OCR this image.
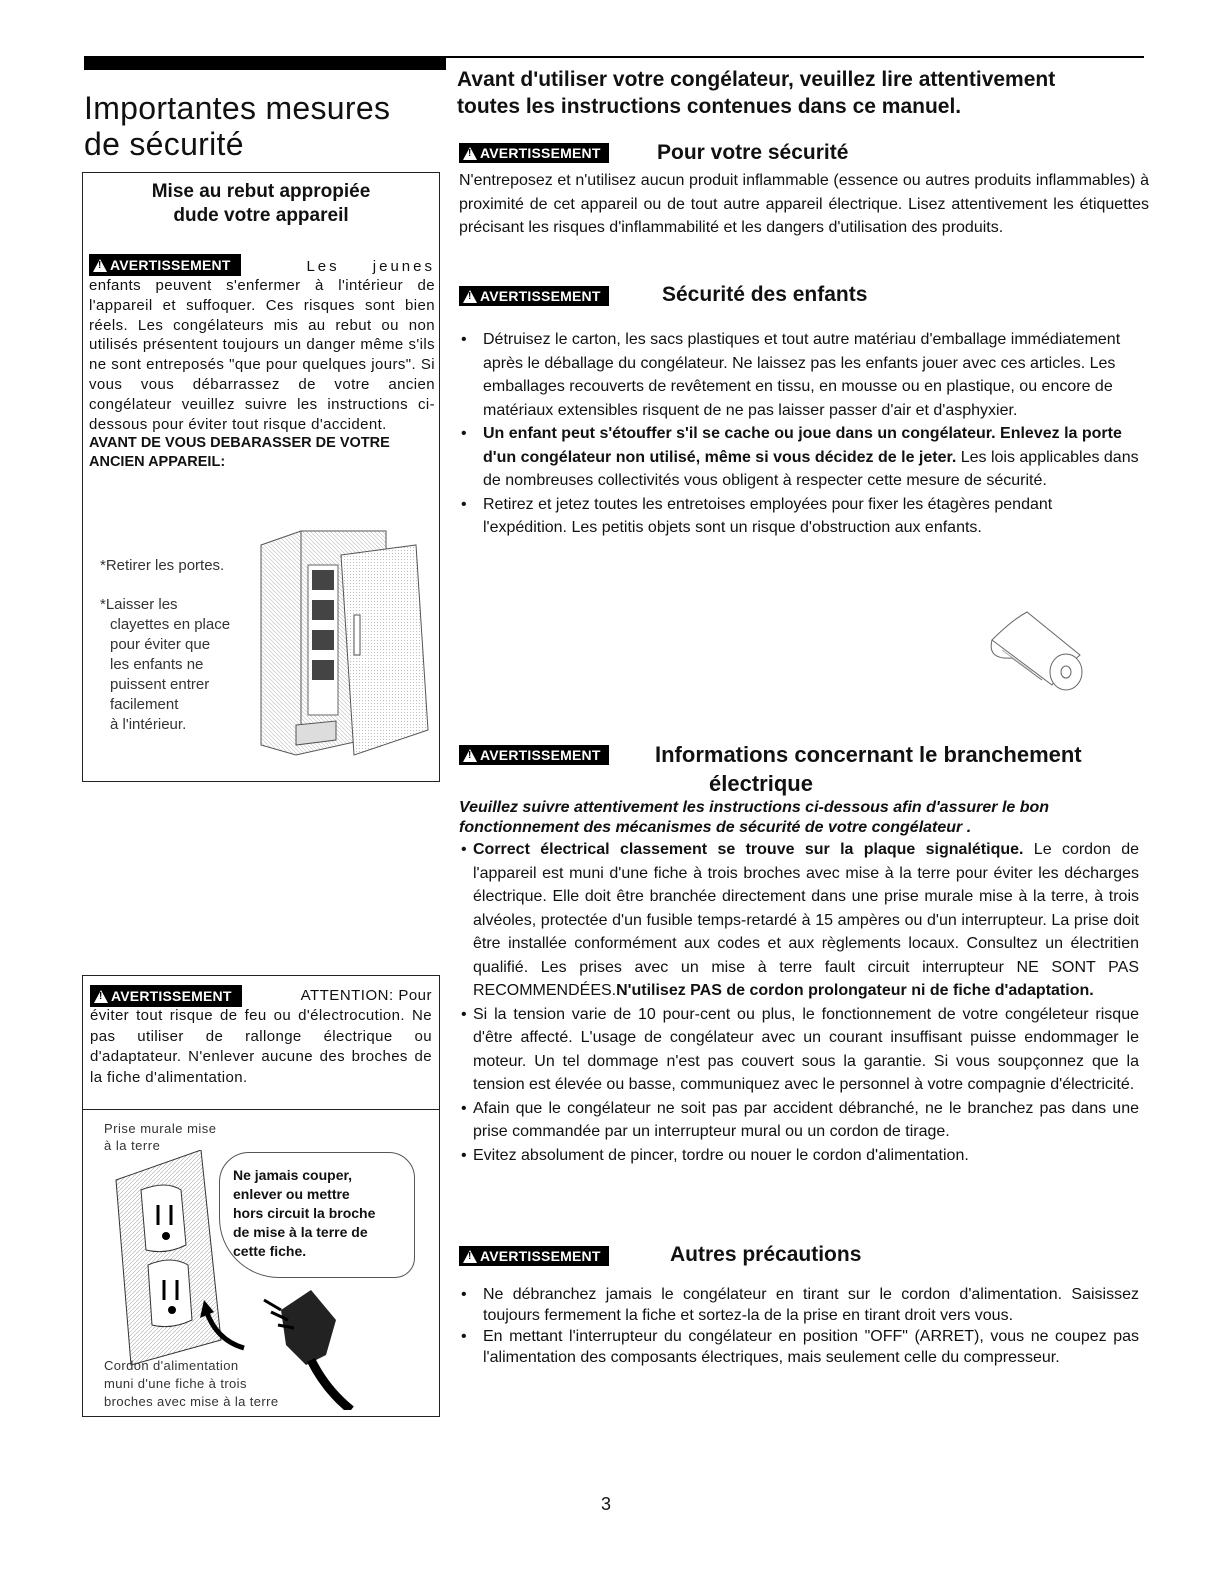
Importantes mesures
de sécurité
Mise au rebut appropiée
dude votre appareil
!AVERTISSEMENT	Les jeunes
enfants peuvent s'enfermer à l'intérieur de l'appareil et suffoquer. Ces risques sont bien réels. Les congélateurs mis au rebut ou non utilisés présentent toujours un danger même s'ils ne sont entreposés "que pour quelques jours". Si vous vous débarrassez de votre ancien congélateur veuillez suivre les instructions ci-dessous pour éviter tout risque d'accident.
AVANT DE VOUS DEBARASSER DE VOTRE ANCIEN APPAREIL:
*Retirer les portes.
*Laisser les
clayettes en place
pour éviter que
les enfants ne
puissent entrer
facilement
à l'intérieur.
!AVERTISSEMENT	ATTENTION: Pour
éviter tout risque de feu ou d'électrocution. Ne pas utiliser de rallonge électrique ou d'adaptateur. N'enlever aucune des broches de la fiche d'alimentation.
Prise murale mise
à la terre
Ne jamais couper,
enlever ou mettre
hors circuit la broche
de mise à la terre de
cette fiche.
Cordon d'alimentation
muni d'une fiche à trois
broches avec mise à la terre
Avant d'utiliser votre congélateur, veuillez lire attentivement
toutes les instructions contenues dans ce manuel.
!AVERTISSEMENT	Pour votre sécurité
N'entreposez et n'utilisez aucun produit inflammable (essence ou autres produits inflammables) à proximité de cet appareil ou de tout autre appareil électrique. Lisez attentivement les étiquettes précisant les risques d'inflammabilité et les dangers d'utilisation des produits.
!AVERTISSEMENT	Sécurité des enfants
• Détruisez le carton, les sacs plastiques et tout autre matériau d'emballage immédiatement après le déballage du congélateur. Ne laissez pas les enfants jouer avec ces articles. Les emballages recouverts de revêtement en tissu, en mousse ou en plastique, ou encore de matériaux extensibles risquent de ne pas laisser passer d'air et d'asphyxier.
• Un enfant peut s'étouffer s'il se cache ou joue dans un congélateur. Enlevez la porte d'un congélateur non utilisé, même si vous décidez de le jeter. Les lois applicables dans de nombreuses collectivités vous obligent à respecter cette mesure de sécurité.
• Retirez et jetez toutes les entretoises employées pour fixer les étagères pendant l'expédition. Les petitis objets sont un risque d'obstruction aux enfants.
!AVERTISSEMENT	Informations concernant le branchement
électrique
Veuillez suivre attentivement les instructions ci-dessous afin d'assurer le bon fonctionnement des mécanismes de sécurité de votre congélateur .
• Correct électrical classement se trouve sur la plaque signalétique. Le cordon de l'appareil est muni d'une fiche à trois broches avec mise à la terre pour éviter les décharges électrique. Elle doit être branchée directement dans une prise murale mise à la terre, à trois alvéoles, protectée d'un fusible temps-retardé à 15 ampères ou d'un interrupteur. La prise doit être installée conformément aux codes et aux règlements locaux. Consultez un électritien qualifié. Les prises avec un mise à terre fault circuit interrupteur NE SONT PAS RECOMMENDÉES.N'utilisez PAS de cordon prolongateur ni de fiche d'adaptation.
• Si la tension varie de 10 pour-cent ou plus, le fonctionnement de votre congéleteur risque d'être affecté. L'usage de congélateur avec un courant insuffisant puisse endommager le moteur. Un tel dommage n'est pas couvert sous la garantie. Si vous soupçonnez que la tension est élevée ou basse, communiquez avec le personnel à votre compagnie d'électricité.
• Afain que le congélateur ne soit pas par accident débranché, ne le branchez pas dans une prise commandée par un interrupteur mural ou un cordon de tirage.
• Evitez absolument de pincer, tordre ou nouer le cordon d'alimentation.
!AVERTISSEMENT	Autres précautions
• Ne débranchez jamais le congélateur en tirant sur le cordon d'alimentation. Saisissez toujours fermement la fiche et sortez-la de la prise en tirant droit vers vous.
• En mettant l'interrupteur du congélateur en position "OFF" (ARRET), vous ne coupez pas l'alimentation des composants électriques, mais seulement celle du compresseur.
3
